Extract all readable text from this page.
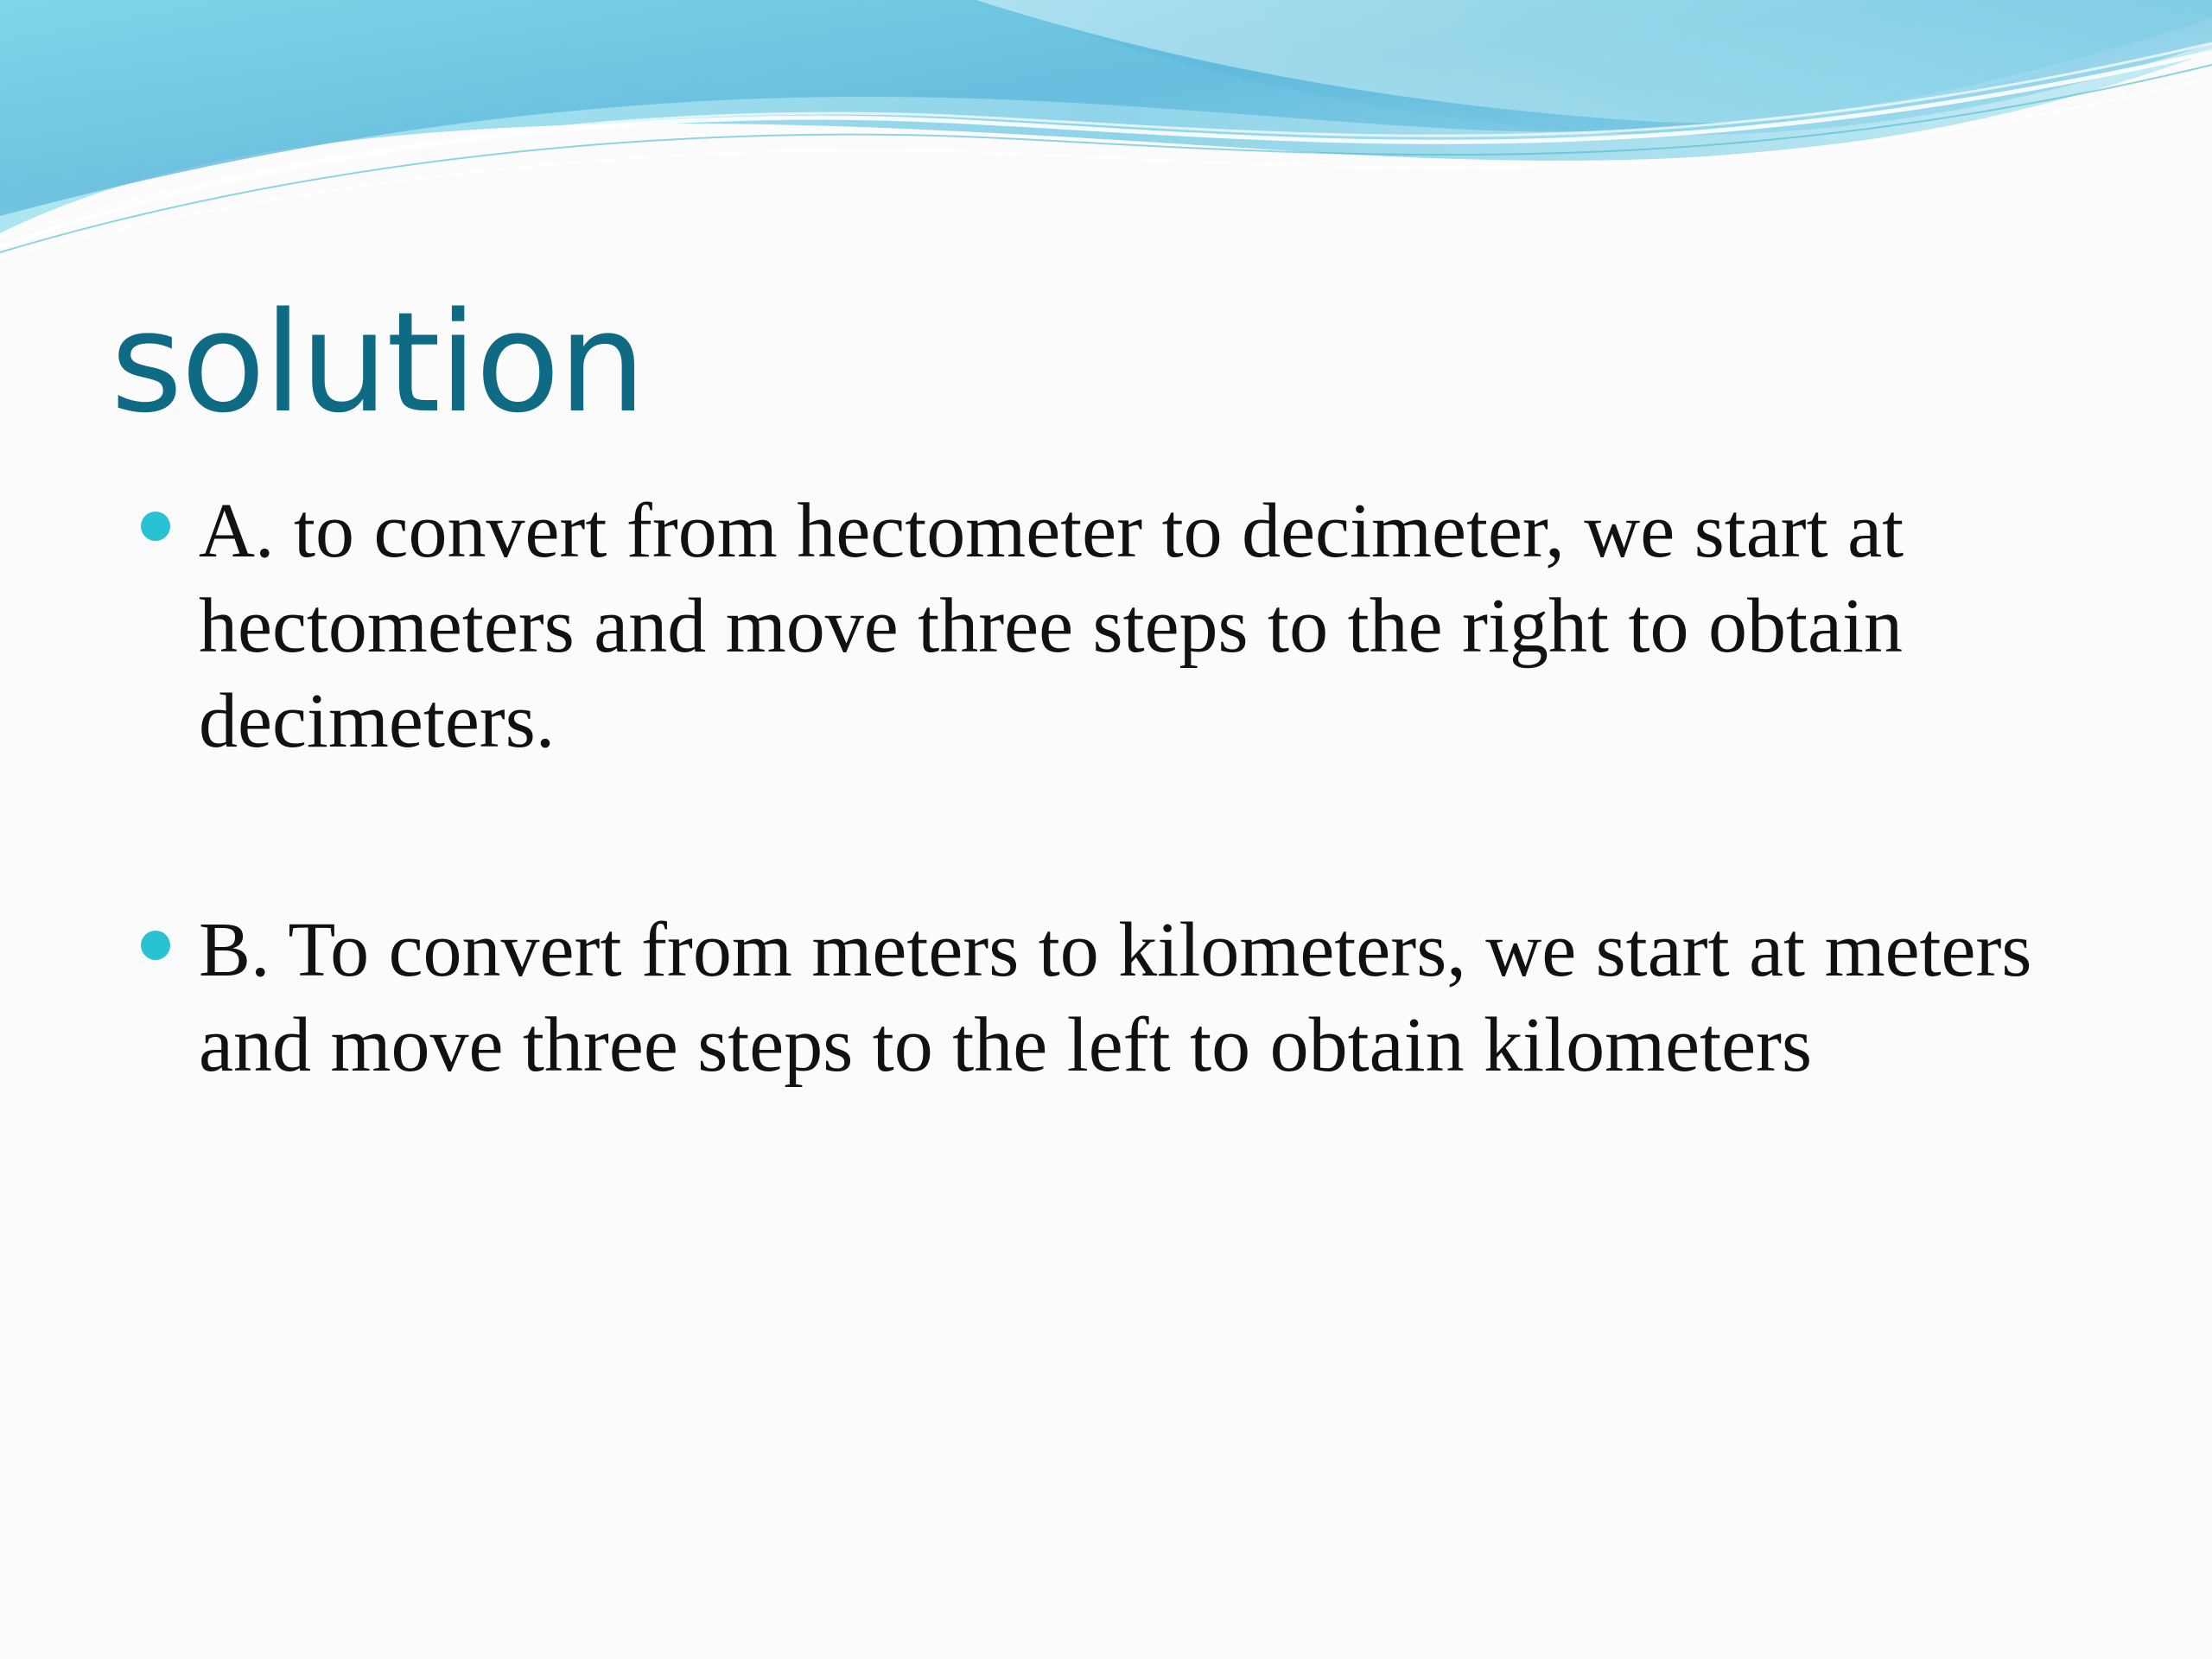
solution
A. to convert from hectometer to decimeter, we start at hectometers and move three steps to the right to obtain decimeters.
B. To convert from meters to kilometers, we start at meters and move three steps to the left to obtain kilometers
